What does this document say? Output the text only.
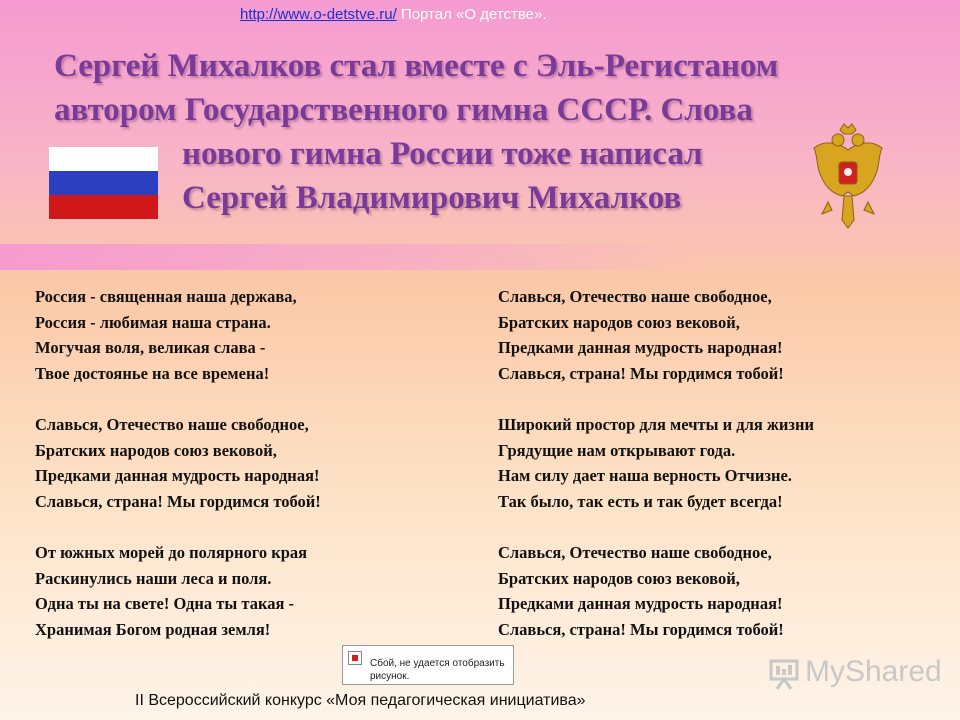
http://www.o-detstve.ru/ Портал «О детстве».
Сергей Михалков стал вместе с Эль-Регистаном
автором Государственного гимна СССР. Слова
нового гимна России тоже написал
Сергей Владимирович Михалков
Россия - священная наша держава,
Россия - любимая наша страна.
Могучая воля, великая слава -
Твое достоянье на все времена!
Славься, Отечество наше свободное,
Братских народов союз вековой,
Предками данная мудрость народная!
Славься, страна! Мы гордимся тобой!
От южных морей до полярного края
Раскинулись наши леса и поля.
Одна ты на свете! Одна ты такая -
Хранимая Богом родная земля!
Славься, Отечество наше свободное,
Братских народов союз вековой,
Предками данная мудрость народная!
Славься, страна! Мы гордимся тобой!
Широкий простор для мечты и для жизни
Грядущие нам открывают года.
Нам силу дает наша верность Отчизне.
Так было, так есть и так будет всегда!
Славься, Отечество наше свободное,
Братских народов союз вековой,
Предками данная мудрость народная!
Славься, страна! Мы гордимся тобой!
Сбой, не удается отобразить
рисунок.	MyShared
II Всероссийский конкурс «Моя педагогическая инициатива»
